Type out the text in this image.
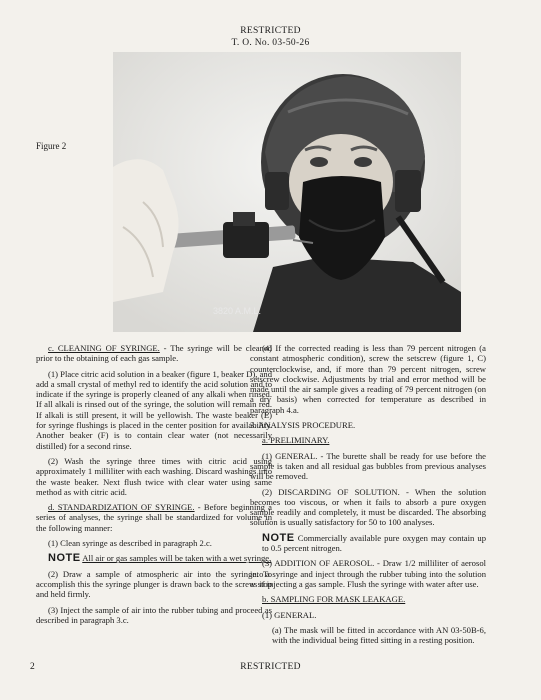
RESTRICTED
T. O. No. 03-50-26
Figure 2
3820 A.M.L.

c. CLEANING OF SYRINGE. - The syringe will be cleaned prior to the obtaining of each gas sample.

(1) Place citric acid solution in a beaker (figure 1, beaker D), and add a small crystal of methyl red to identify the acid solution and to indicate if the syringe is properly cleaned of any alkali when rinsed. If all alkali is rinsed out of the syringe, the solution will remain red. If alkali is still present, it will be yellowish. The waste beaker (E) for syringe flushings is placed in the center position for availability. Another beaker (F) is to contain clear water (not necessarily distilled) for a second rinse.

(2) Wash the syringe three times with citric acid using approximately 1 milliliter with each washing. Discard washings into the waste beaker. Next flush twice with clear water using same method as with citric acid.

d. STANDARDIZATION OF SYRINGE. - Before beginning a series of analyses, the syringe shall be standardized for volume in the following manner:

(1) Clean syringe as described in paragraph 2.c.

NOTE All air or gas samples will be taken with a wet syringe.

(2) Draw a sample of atmospheric air into the syringe. To accomplish this the syringe plunger is drawn back to the screw stop and held firmly.

(3) Inject the sample of air into the rubber tubing and proceed as described in paragraph 3.c.

(4) If the corrected reading is less than 79 percent nitrogen (a constant atmospheric condition), screw the setscrew (figure 1, C) counterclockwise, and, if more than 79 percent nitrogen, screw setscrew clockwise. Adjustments by trial and error method will be made until the air sample gives a reading of 79 percent nitrogen (on a dry basis) when corrected for temperature as described in paragraph 4.a.

3. ANALYSIS PROCEDURE.

a. PRELIMINARY.

(1) GENERAL. - The burette shall be ready for use before the sample is taken and all residual gas bubbles from previous analyses will be removed.

(2) DISCARDING OF SOLUTION. - When the solution becomes too viscous, or when it fails to absorb a pure oxygen sample readily and completely, it must be discarded. The absorbing solution is usually satisfactory for 50 to 100 analyses.

NOTE Commercially available pure oxygen may contain up to 0.5 percent nitrogen.

(3) ADDITION OF AEROSOL. - Draw 1/2 milliliter of aerosol into a syringe and inject through the rubber tubing into the solution as if injecting a gas sample. Flush the syringe with water after use.

b. SAMPLING FOR MASK LEAKAGE.

(1) GENERAL.

(a) The mask will be fitted in accordance with AN 03-50B-6, with the individual being fitted sitting in a resting position.

2	RESTRICTED
